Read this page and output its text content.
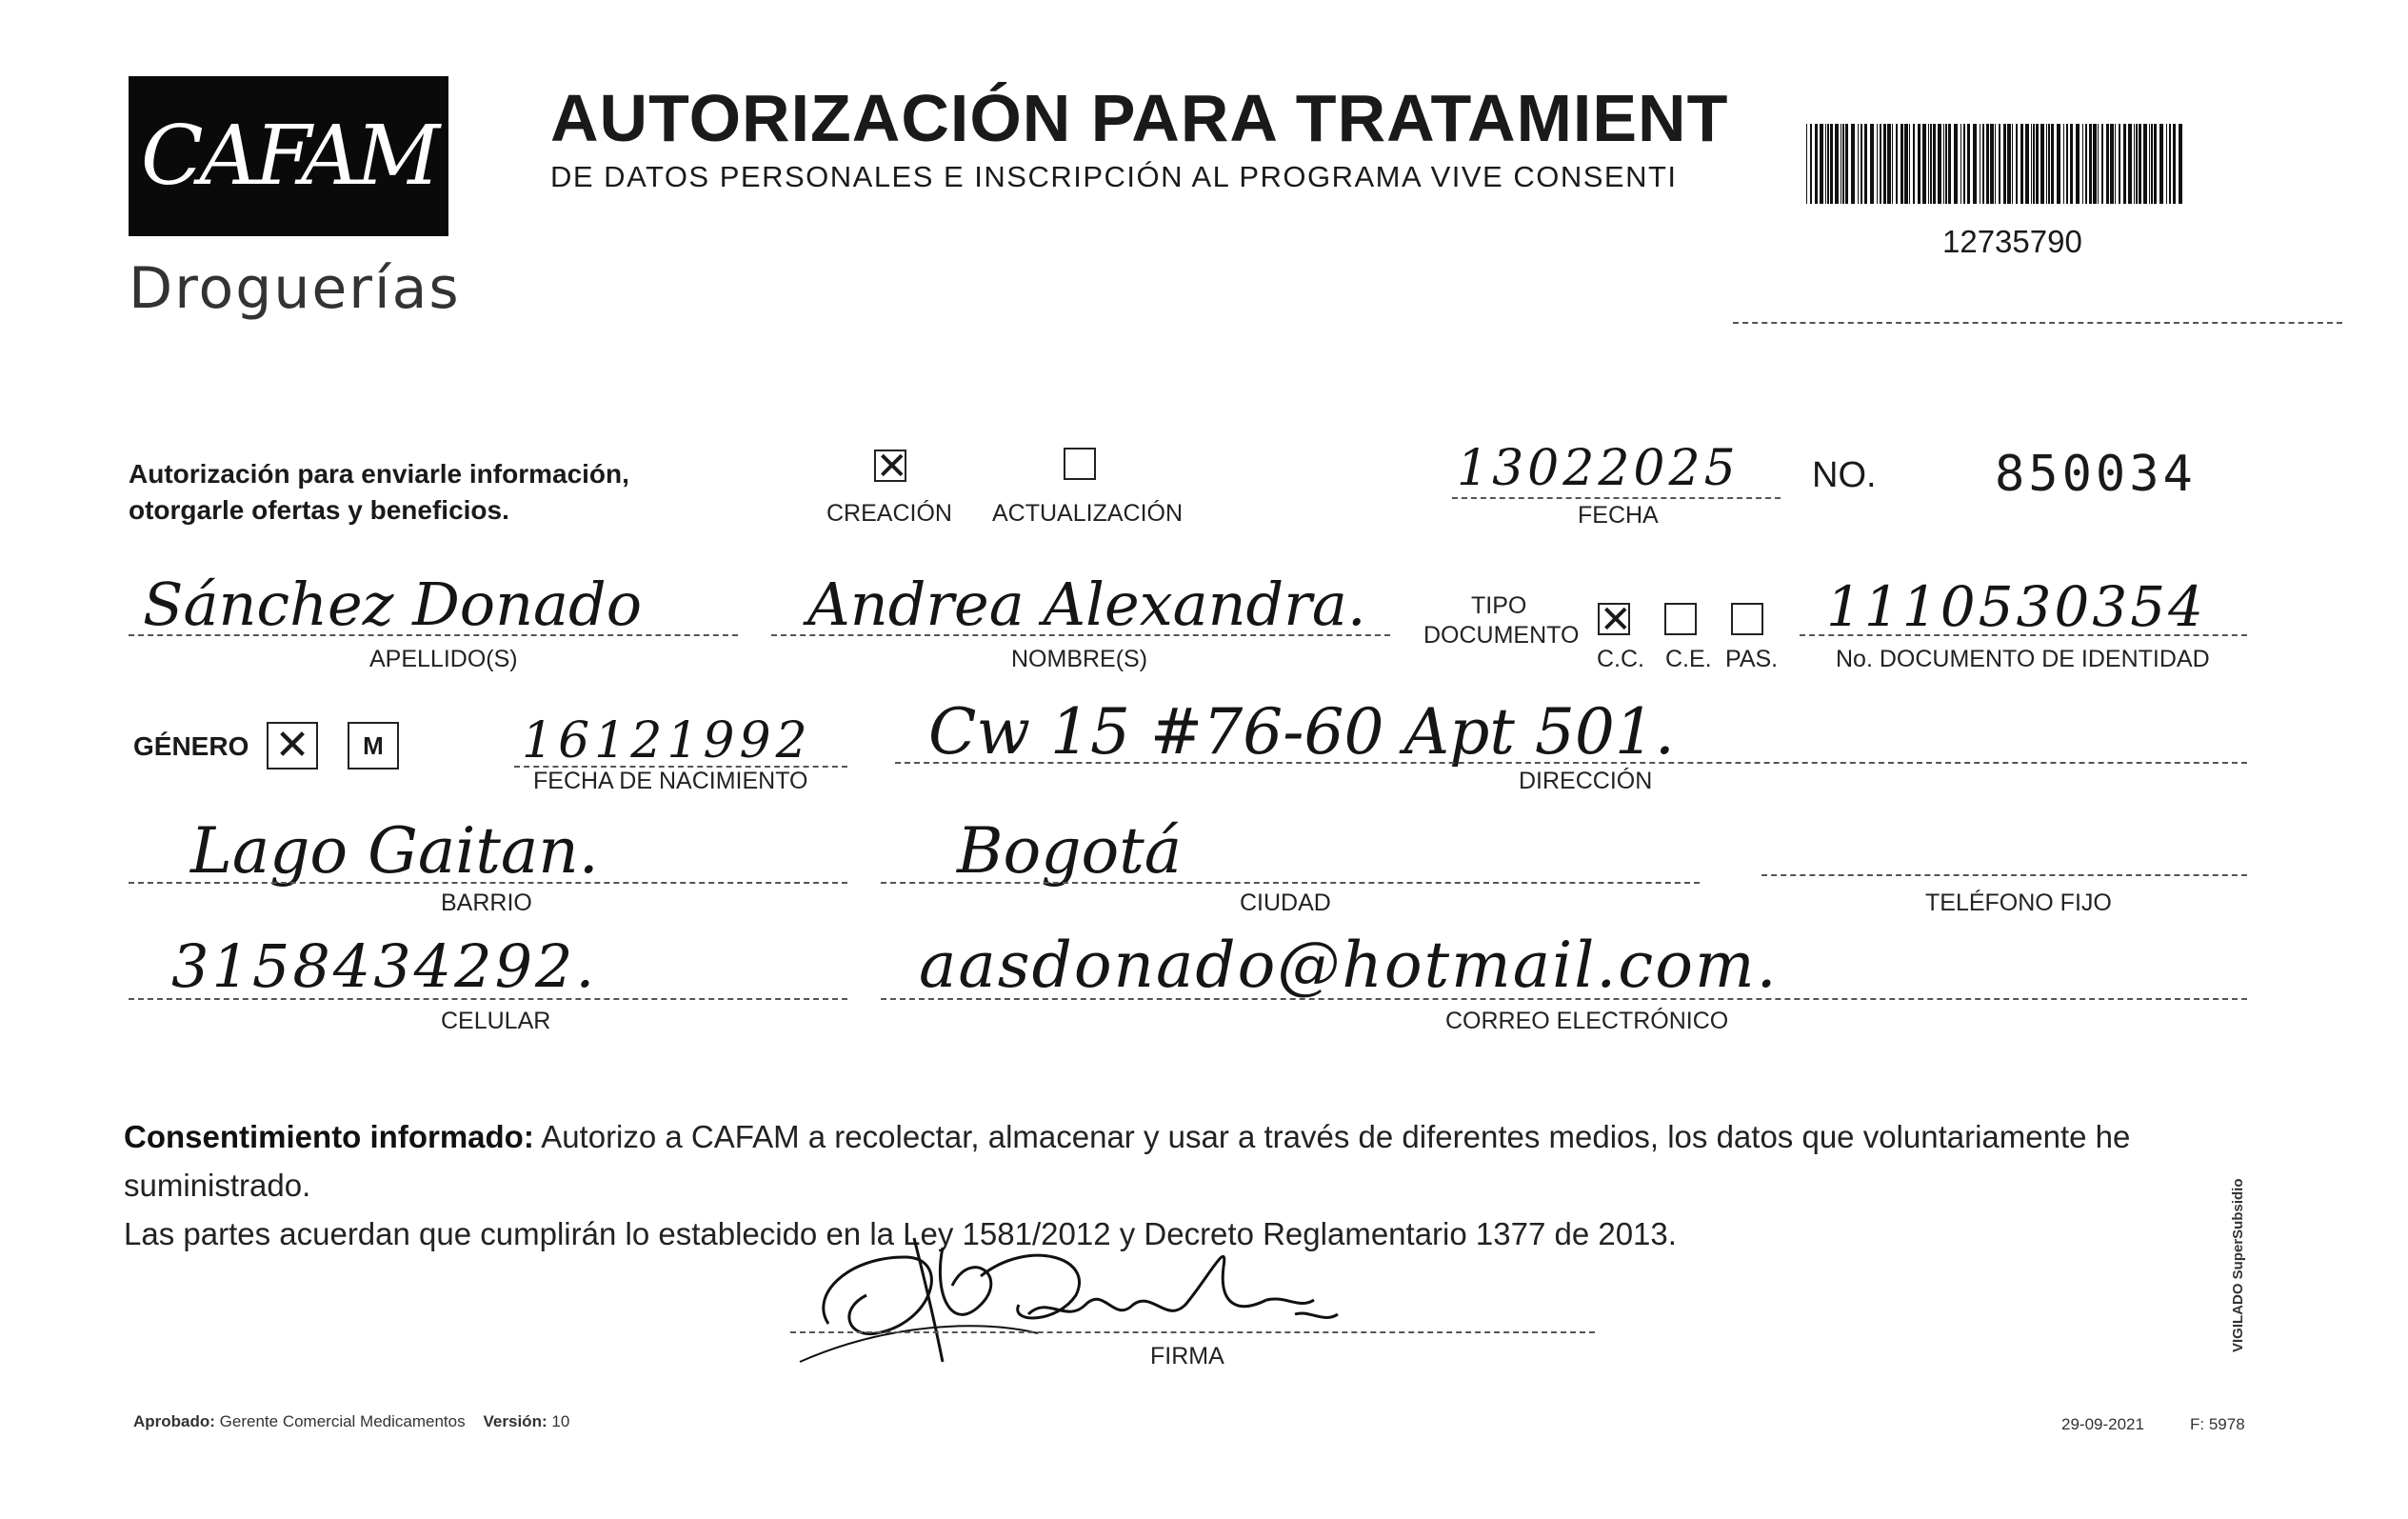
CAFAM
Droguerías
AUTORIZACIÓN PARA TRATAMIENT
DE DATOS PERSONALES E INSCRIPCIÓN AL PROGRAMA VIVE CONSENTI
12735790
Autorización para enviarle información,
otorgarle ofertas y beneficios.
✕
CREACIÓN ACTUALIZACIÓN
13022025
FECHA
NO. 850034
Sánchez Donado
APELLIDO(S)
Andrea Alexandra.
NOMBRE(S)
TIPO
DOCUMENTO ✕
C.C. C.E. PAS.
1110530354
No. DOCUMENTO DE IDENTIDAD
GÉNERO ✕ M	16121992
FECHA DE NACIMIENTO
Cw 15 #76-60 Apt 501.
DIRECCIÓN
Lago Gaitan.
BARRIO
Bogotá
CIUDAD	TELÉFONO FIJO
3158434292.
CELULAR
aasdonado@hotmail.com.
CORREO ELECTRÓNICO
Consentimiento informado: Autorizo a CAFAM a recolectar, almacenar y usar a través de diferentes medios, los datos que voluntariamente he suministrado.
Las partes acuerdan que cumplirán lo establecido en la Ley 1581/2012 y Decreto Reglamentario 1377 de 2013.
FIRMA
Aprobado: Gerente Comercial Medicamentos Versión: 10	29-09-2021	F: 5978
VIGILADO SuperSubsidio
